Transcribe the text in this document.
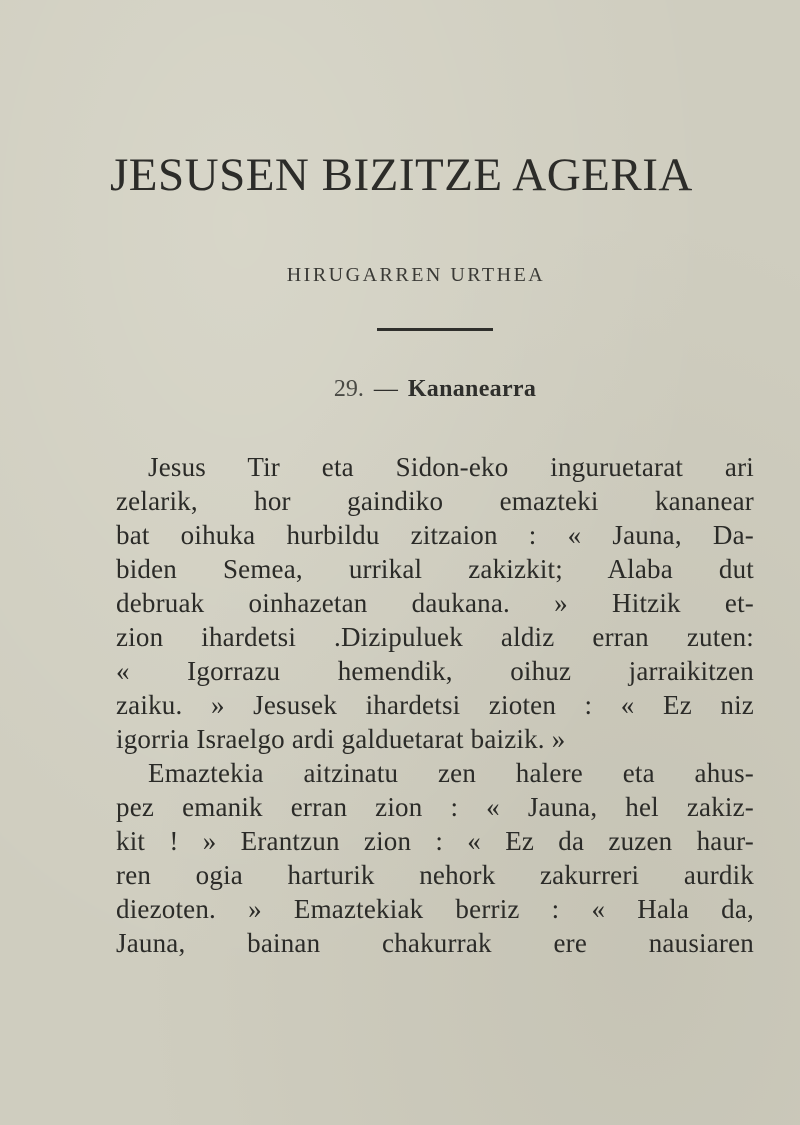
JESUSEN BIZITZE AGERIA
HIRUGARREN URTHEA
29. — Kananearra
Jesus Tir eta Sidon-eko inguruetarat ari
zelarik, hor gaindiko emazteki kananear
bat oihuka hurbildu zitzaion : « Jauna, Da-
biden Semea, urrikal zakizkit; Alaba dut
debruak oinhazetan daukana. » Hitzik et-
zion ihardetsi .Dizipuluek aldiz erran zuten:
« Igorrazu hemendik, oihuz jarraikitzen
zaiku. » Jesusek ihardetsi zioten : « Ez niz
igorria Israelgo ardi galduetarat baizik. »
Emaztekia aitzinatu zen halere eta ahus-
pez emanik erran zion : « Jauna, hel zakiz-
kit ! » Erantzun zion : « Ez da zuzen haur-
ren ogia harturik nehork zakurreri aurdik
diezoten. » Emaztekiak berriz : « Hala da,
Jauna, bainan chakurrak ere nausiaren
